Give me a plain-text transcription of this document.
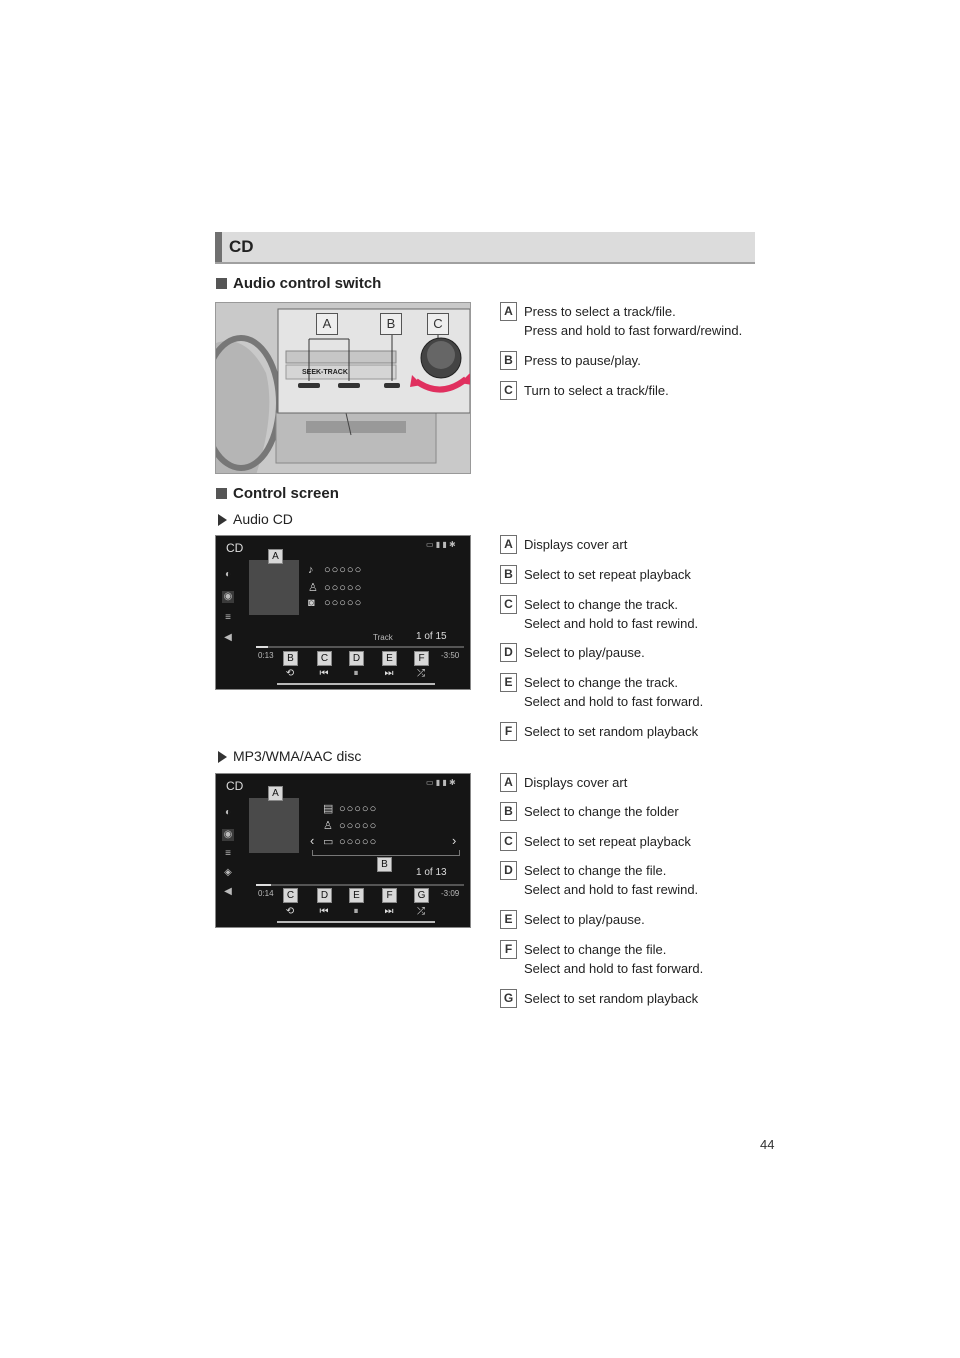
CD
Audio control switch
A	B	C
SEEK-TRACK
A Press to select a track/file.
Press and hold to fast forward/rewind.
B Press to pause/play.
C Turn to select a track/file.
Control screen
Audio CD
CD	▭ ▮ ▮ ✱
◐
◉
≡
◀
A
♪ ○○○○○
♙ ○○○○○
◙ ○○○○○
Track 1 of 15
0:13	-3:50
B	C	D	E	F
⟲	⏮	⏸	⏭	⤮
A Displays cover art
B Select to set repeat playback
C Select to change the track.
Select and hold to fast rewind.
D Select to play/pause.
E Select to change the track.
Select and hold to fast forward.
F Select to set random playback
MP3/WMA/AAC disc
CD	▭ ▮ ▮ ✱
◐
◉
≡
◈
◀
A
▤ ○○○○○
♙ ○○○○○
▭ ○○○○○
‹	›
B
1 of 13
0:14	-3:09
C	D	E	F	G
⟲	⏮	⏸	⏭	⤮
A Displays cover art
B Select to change the folder
C Select to set repeat playback
D Select to change the file.
Select and hold to fast rewind.
E Select to play/pause.
F Select to change the file.
Select and hold to fast forward.
G Select to set random playback
44
